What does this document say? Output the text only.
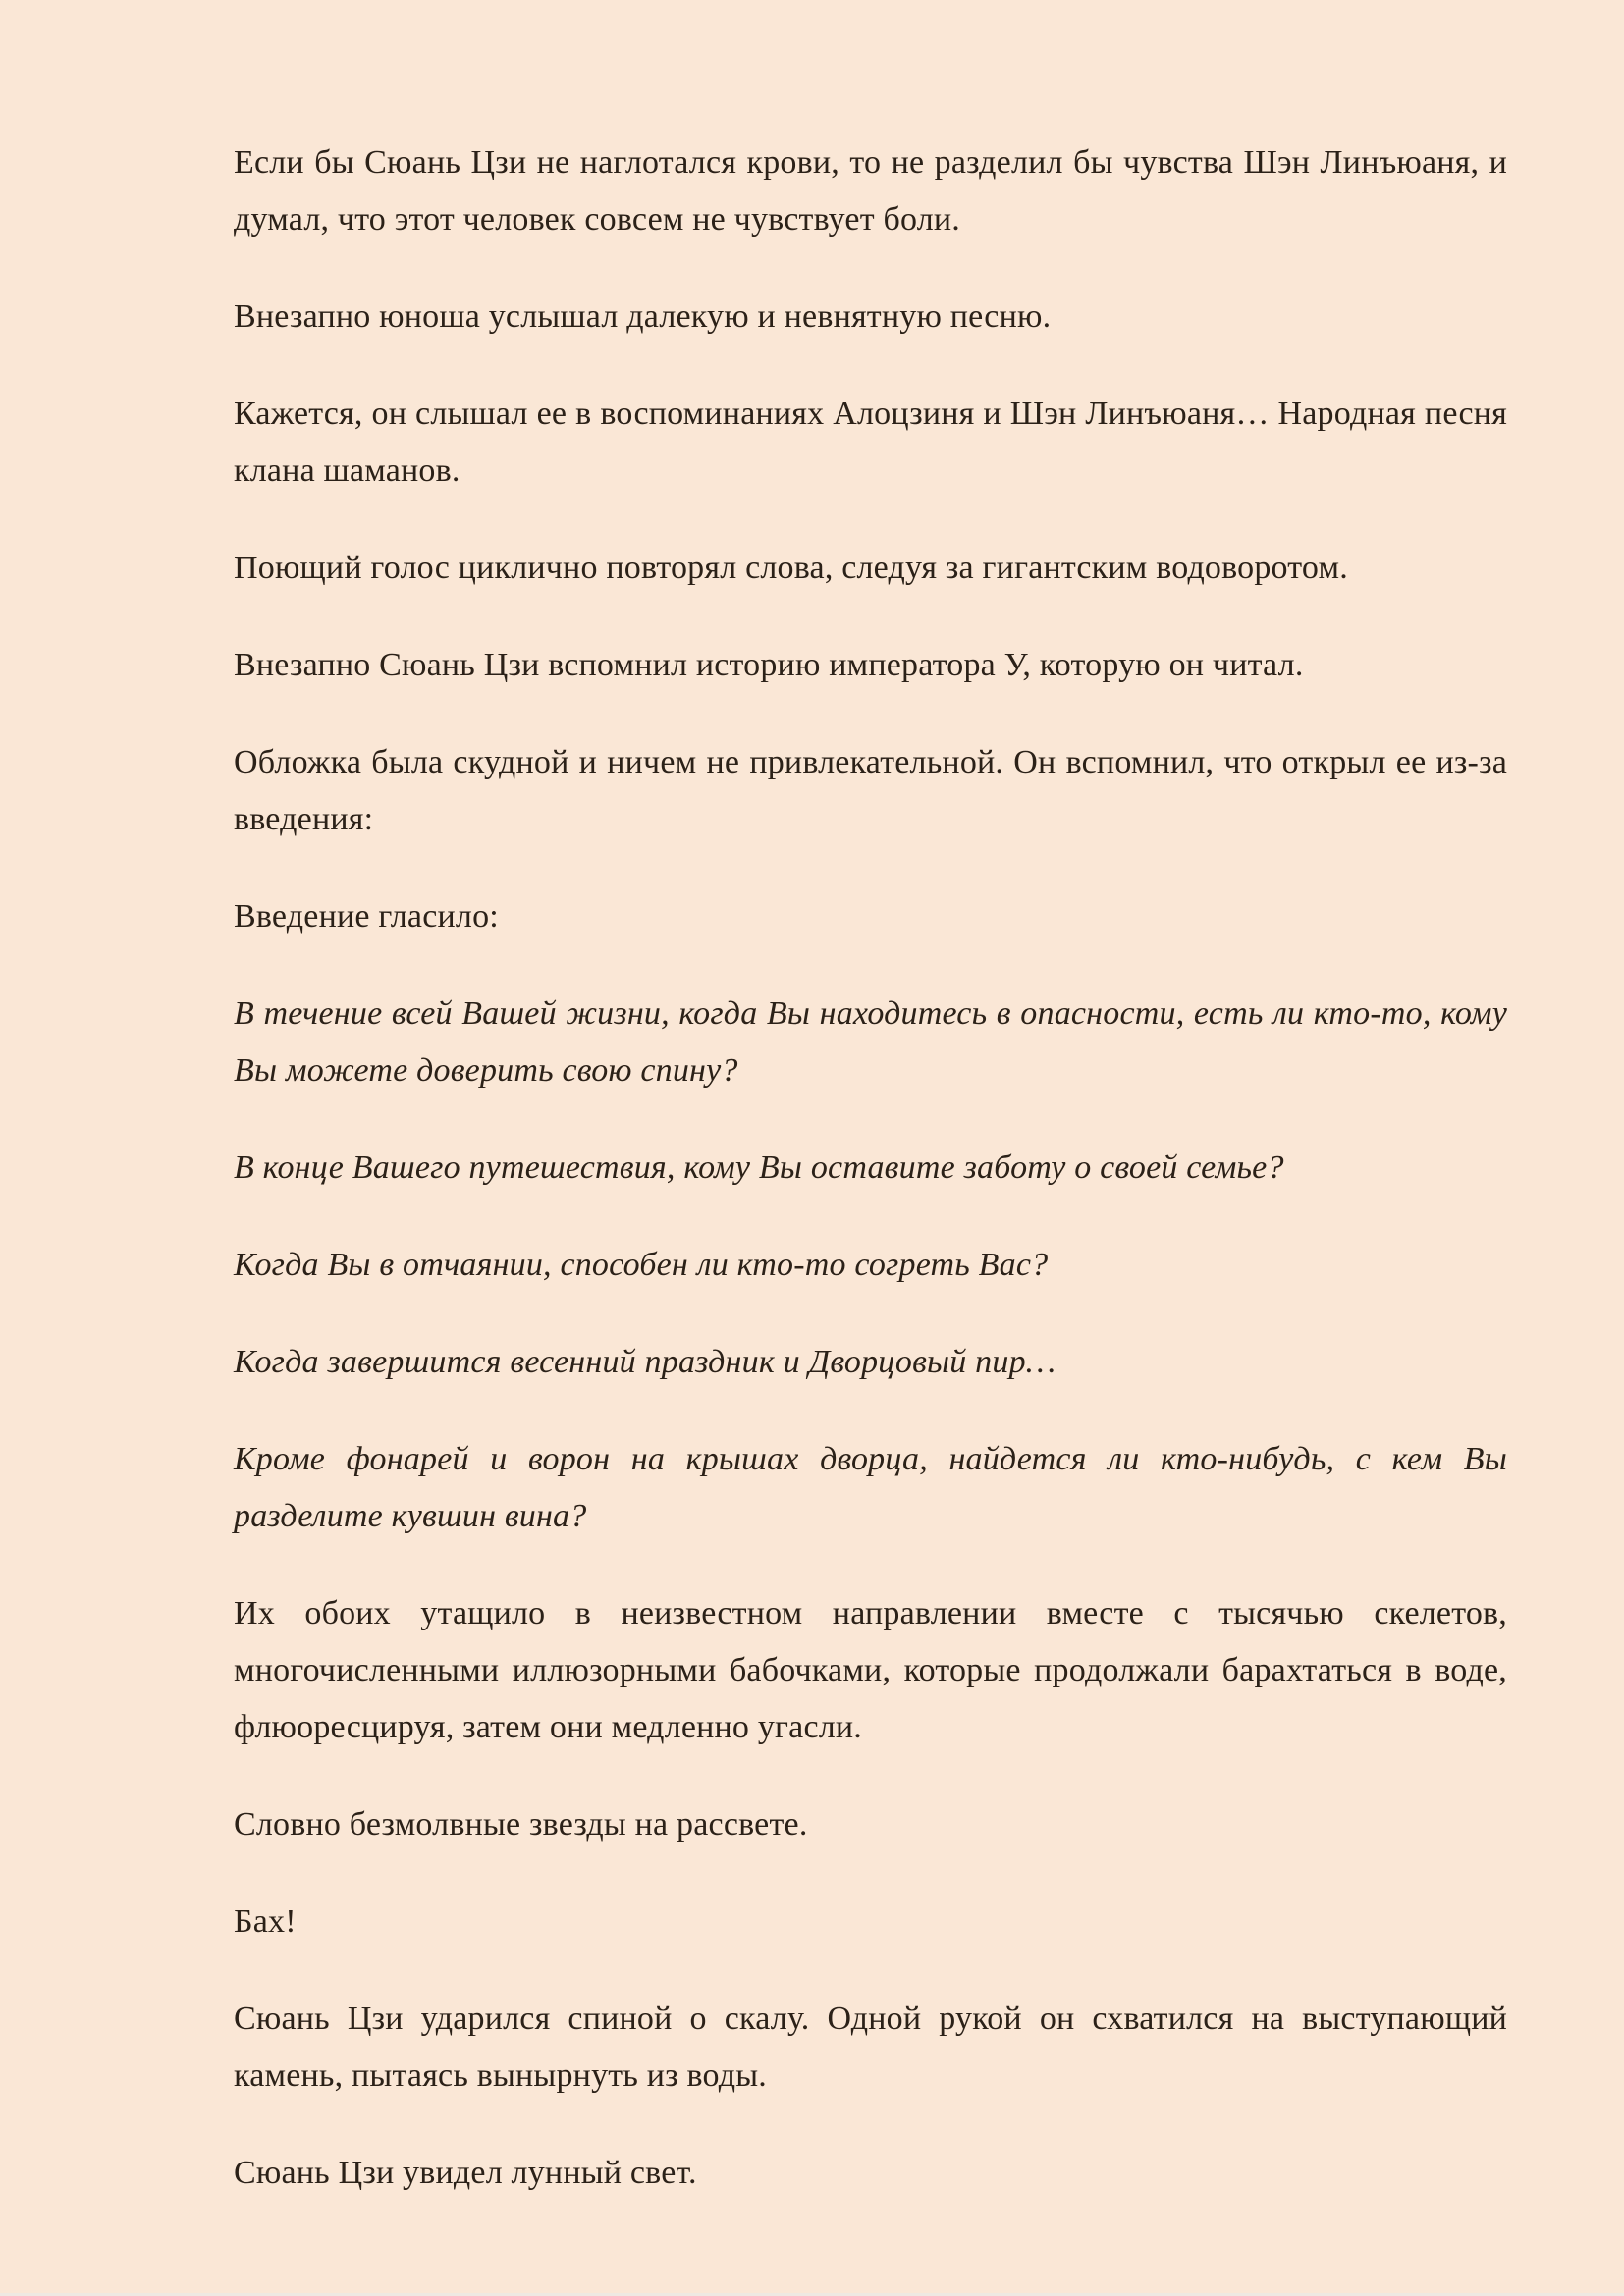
Если бы Сюань Цзи не наглотался крови, то не разделил бы чувства Шэн Линъюаня, и думал, что этот человек совсем не чувствует боли.

Внезапно юноша услышал далекую и невнятную песню.

Кажется, он слышал ее в воспоминаниях Алоцзиня и Шэн Линъюаня… Народная песня клана шаманов.

Поющий голос циклично повторял слова, следуя за гигантским водоворотом.

Внезапно Сюань Цзи вспомнил историю императора У, которую он читал.

Обложка была скудной и ничем не привлекательной. Он вспомнил, что открыл ее из-за введения:

Введение гласило:

В течение всей Вашей жизни, когда Вы находитесь в опасности, есть ли кто-то, кому Вы можете доверить свою спину?

В конце Вашего путешествия, кому Вы оставите заботу о своей семье?

Когда Вы в отчаянии, способен ли кто-то согреть Вас?

Когда завершится весенний праздник и Дворцовый пир…

Кроме фонарей и ворон на крышах дворца, найдется ли кто-нибудь, с кем Вы разделите кувшин вина?

Их обоих утащило в неизвестном направлении вместе с тысячью скелетов, многочисленными иллюзорными бабочками, которые продолжали барахтаться в воде, флюоресцируя, затем они медленно угасли.

Словно безмолвные звезды на рассвете.

Бах!

Сюань Цзи ударился спиной о скалу. Одной рукой он схватился на выступающий камень, пытаясь вынырнуть из воды.

Сюань Цзи увидел лунный свет.
